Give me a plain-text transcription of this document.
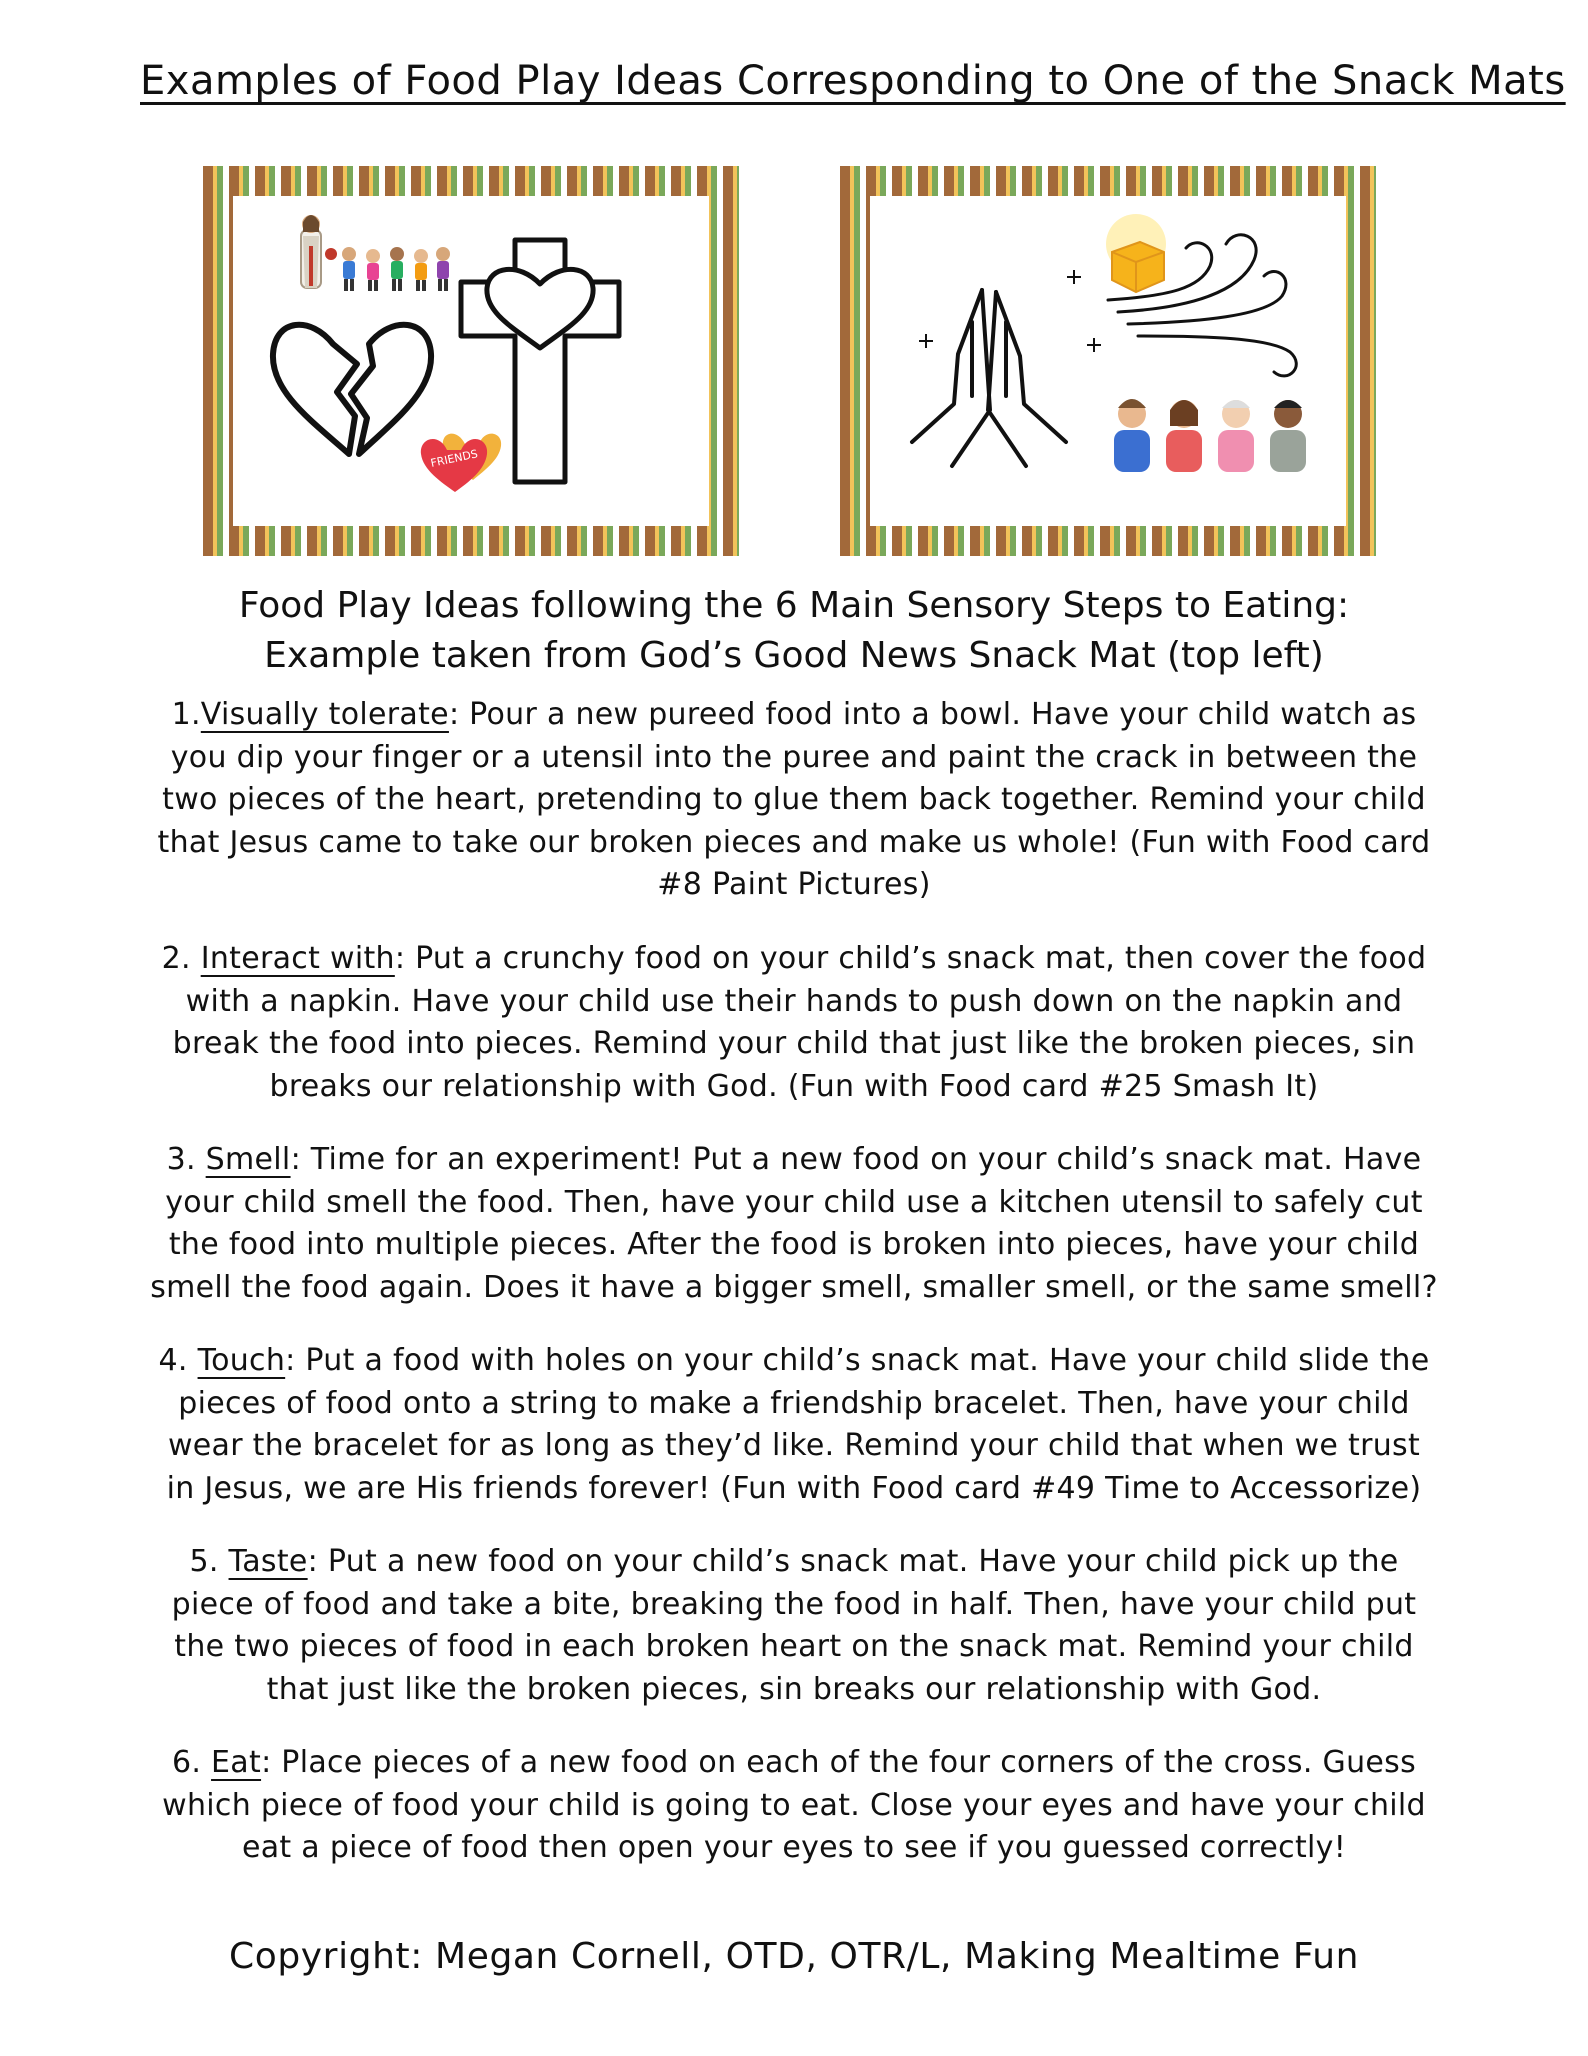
Examples of Food Play Ideas Corresponding to One of the Snack Mats
FRIENDS
Food Play Ideas following the 6 Main Sensory Steps to Eating:
Example taken from God’s Good News Snack Mat (top left)
1.Visually tolerate: Pour a new pureed food into a bowl. Have your child watch as you dip your finger or a utensil into the puree and paint the crack in between the two pieces of the heart, pretending to glue them back together. Remind your child that Jesus came to take our broken pieces and make us whole! (Fun with Food card #8 Paint Pictures)
2. Interact with: Put a crunchy food on your child’s snack mat, then cover the food with a napkin. Have your child use their hands to push down on the napkin and break the food into pieces. Remind your child that just like the broken pieces, sin breaks our relationship with God. (Fun with Food card #25 Smash It)
3. Smell: Time for an experiment! Put a new food on your child’s snack mat. Have your child smell the food. Then, have your child use a kitchen utensil to safely cut the food into multiple pieces. After the food is broken into pieces, have your child smell the food again. Does it have a bigger smell, smaller smell, or the same smell?
4. Touch: Put a food with holes on your child’s snack mat. Have your child slide the pieces of food onto a string to make a friendship bracelet. Then, have your child wear the bracelet for as long as they’d like. Remind your child that when we trust in Jesus, we are His friends forever! (Fun with Food card #49 Time to Accessorize)
5. Taste: Put a new food on your child’s snack mat. Have your child pick up the piece of food and take a bite, breaking the food in half. Then, have your child put the two pieces of food in each broken heart on the snack mat. Remind your child that just like the broken pieces, sin breaks our relationship with God.
6. Eat: Place pieces of a new food on each of the four corners of the cross. Guess which piece of food your child is going to eat. Close your eyes and have your child eat a piece of food then open your eyes to see if you guessed correctly!
Copyright: Megan Cornell, OTD, OTR/L, Making Mealtime Fun
